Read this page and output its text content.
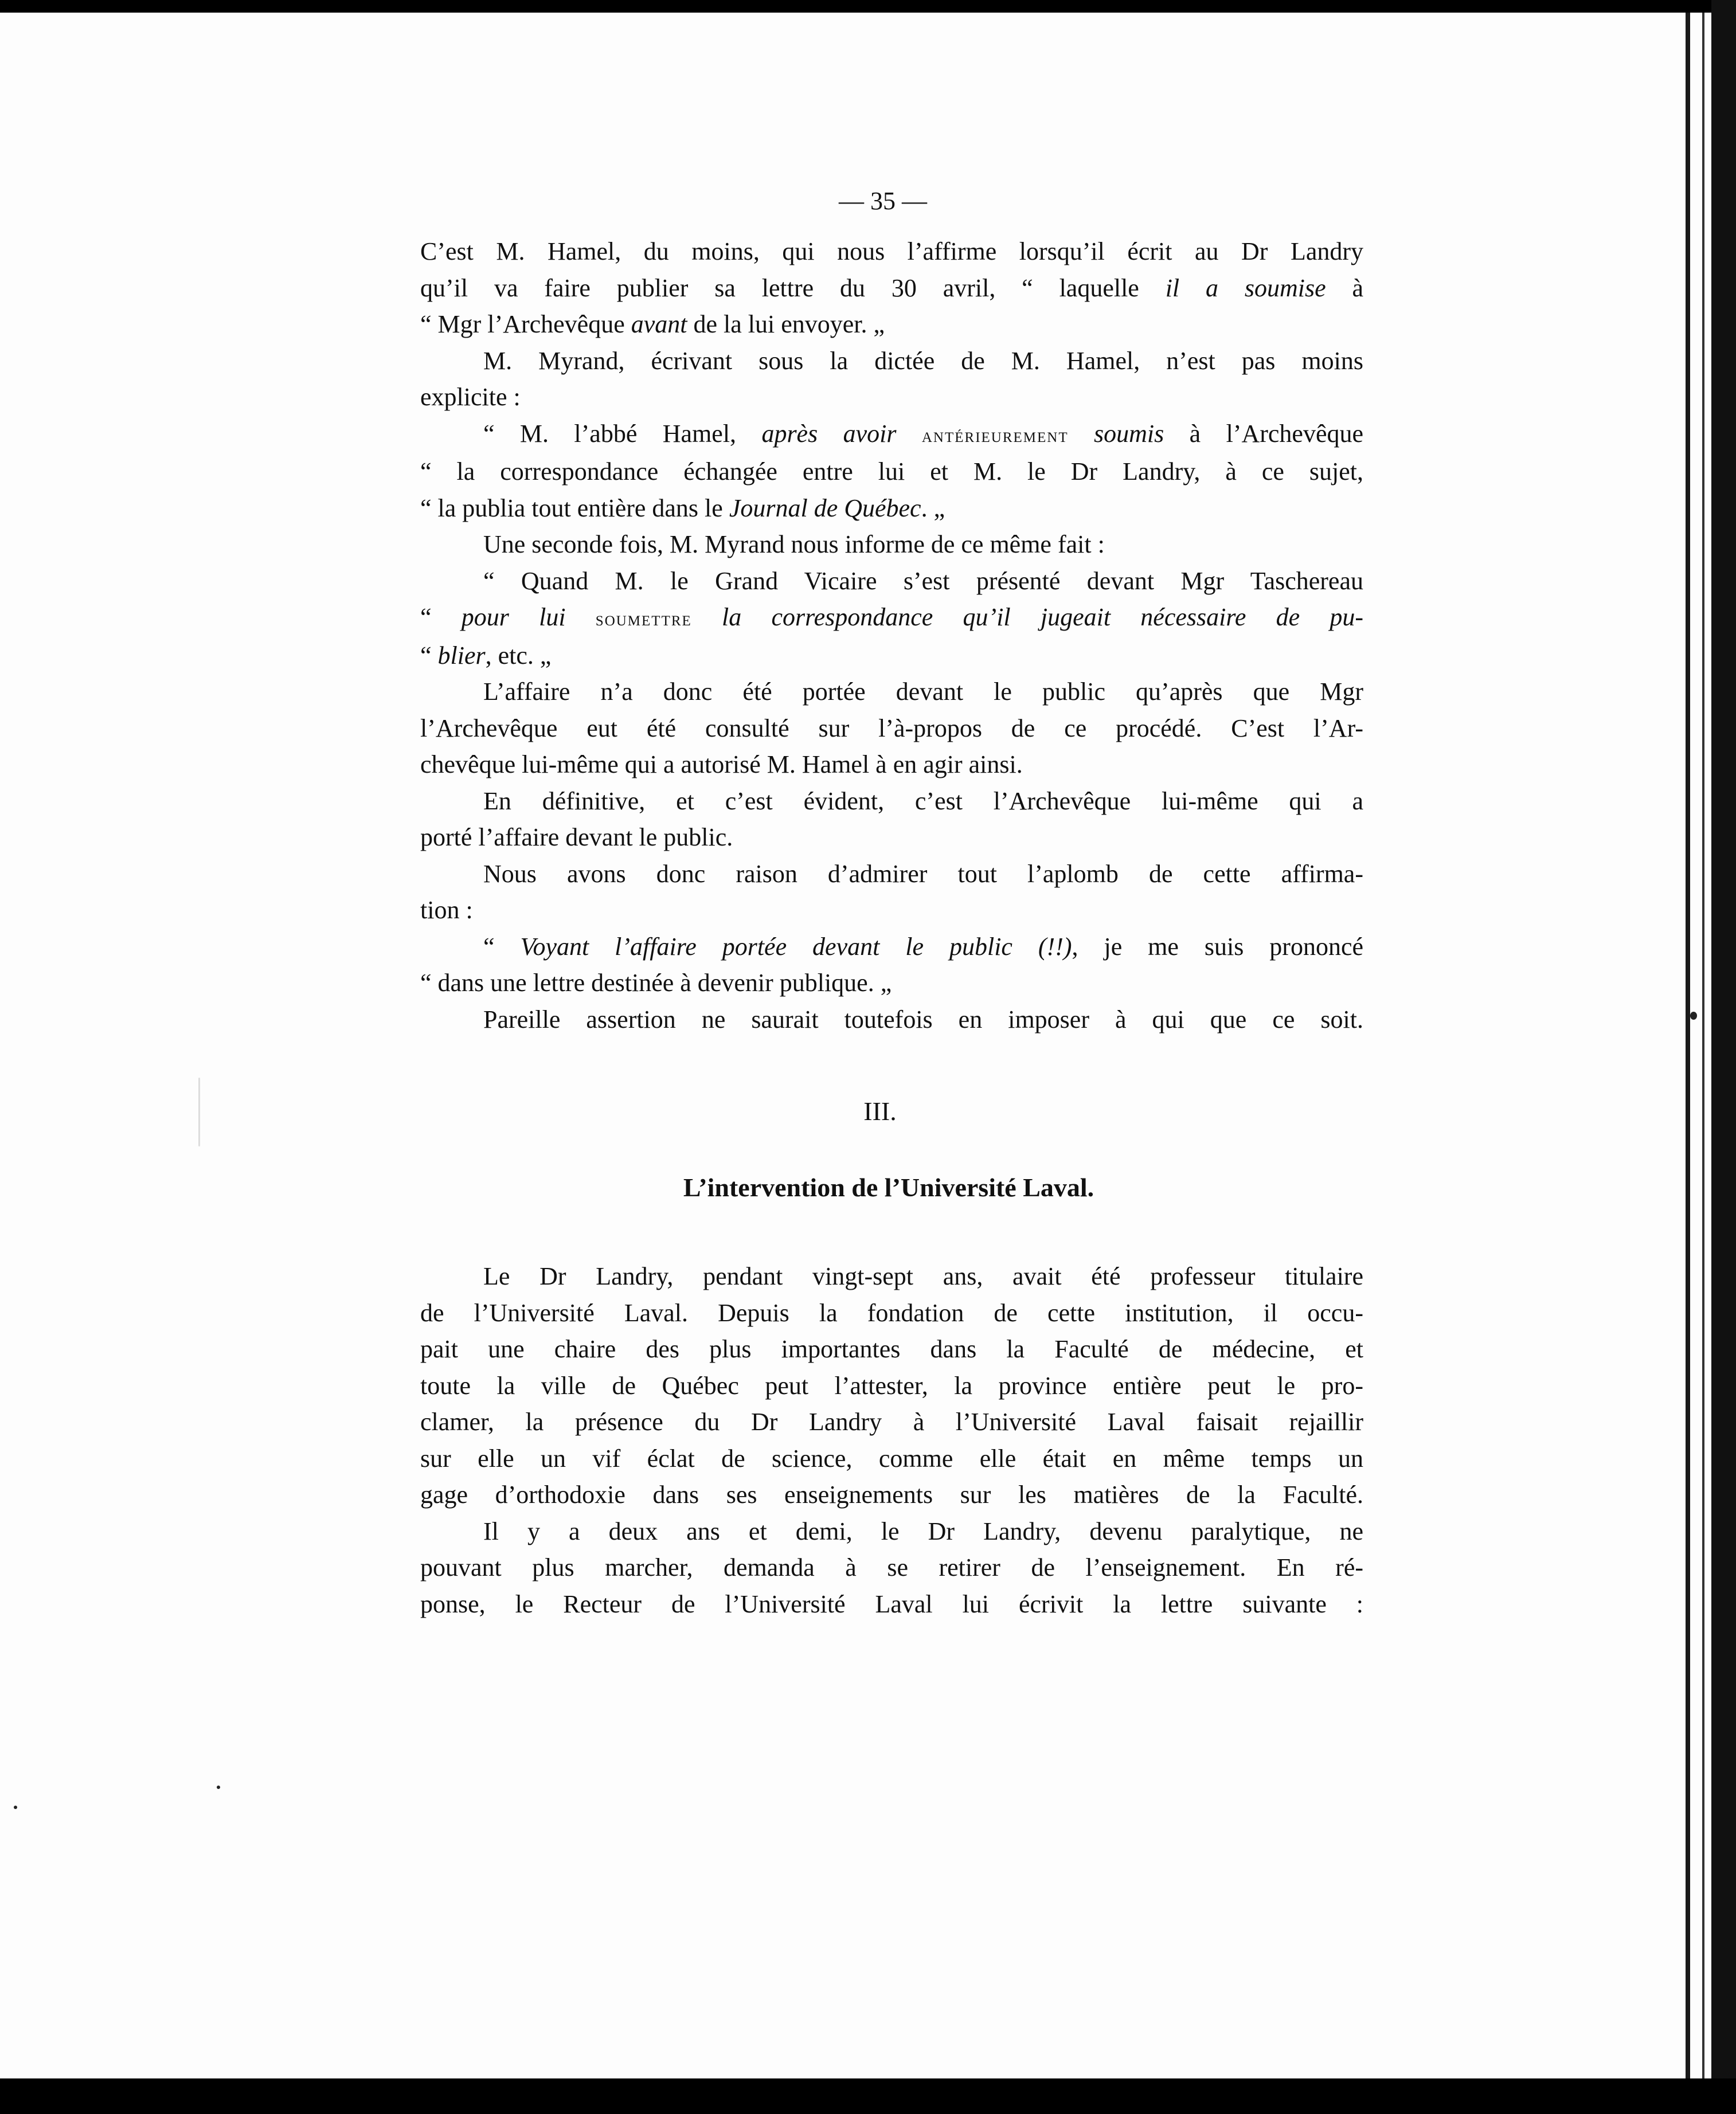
— 35 —
C’est M. Hamel, du moins, qui nous l’affirme lorsqu’il écrit au Dr Landry
qu’il va faire publier sa lettre du 30 avril, “ laquelle il a soumise à
“ Mgr l’Archevêque avant de la lui envoyer. „
M. Myrand, écrivant sous la dictée de M. Hamel, n’est pas moins
explicite :
“ M. l’abbé Hamel, après avoir antérieurement soumis à l’Archevêque
“ la correspondance échangée entre lui et M. le Dr Landry, à ce sujet,
“ la publia tout entière dans le Journal de Québec. „
Une seconde fois, M. Myrand nous informe de ce même fait :
“ Quand M. le Grand Vicaire s’est présenté devant Mgr Taschereau
“ pour lui soumettre la correspondance qu’il jugeait nécessaire de pu-
“ blier, etc. „
L’affaire n’a donc été portée devant le public qu’après que Mgr
l’Archevêque eut été consulté sur l’à-propos de ce procédé. C’est l’Ar-
chevêque lui-même qui a autorisé M. Hamel à en agir ainsi.
En définitive, et c’est évident, c’est l’Archevêque lui-même qui a
porté l’affaire devant le public.
Nous avons donc raison d’admirer tout l’aplomb de cette affirma-
tion :
“ Voyant l’affaire portée devant le public (!!), je me suis prononcé
“ dans une lettre destinée à devenir publique. „
Pareille assertion ne saurait toutefois en imposer à qui que ce soit.
III.
L’intervention de l’Université Laval.
Le Dr Landry, pendant vingt-sept ans, avait été professeur titulaire
de l’Université Laval. Depuis la fondation de cette institution, il occu-
pait une chaire des plus importantes dans la Faculté de médecine, et
toute la ville de Québec peut l’attester, la province entière peut le pro-
clamer, la présence du Dr Landry à l’Université Laval faisait rejaillir
sur elle un vif éclat de science, comme elle était en même temps un
gage d’orthodoxie dans ses enseignements sur les matières de la Faculté.
Il y a deux ans et demi, le Dr Landry, devenu paralytique, ne
pouvant plus marcher, demanda à se retirer de l’enseignement. En ré-
ponse, le Recteur de l’Université Laval lui écrivit la lettre suivante :
